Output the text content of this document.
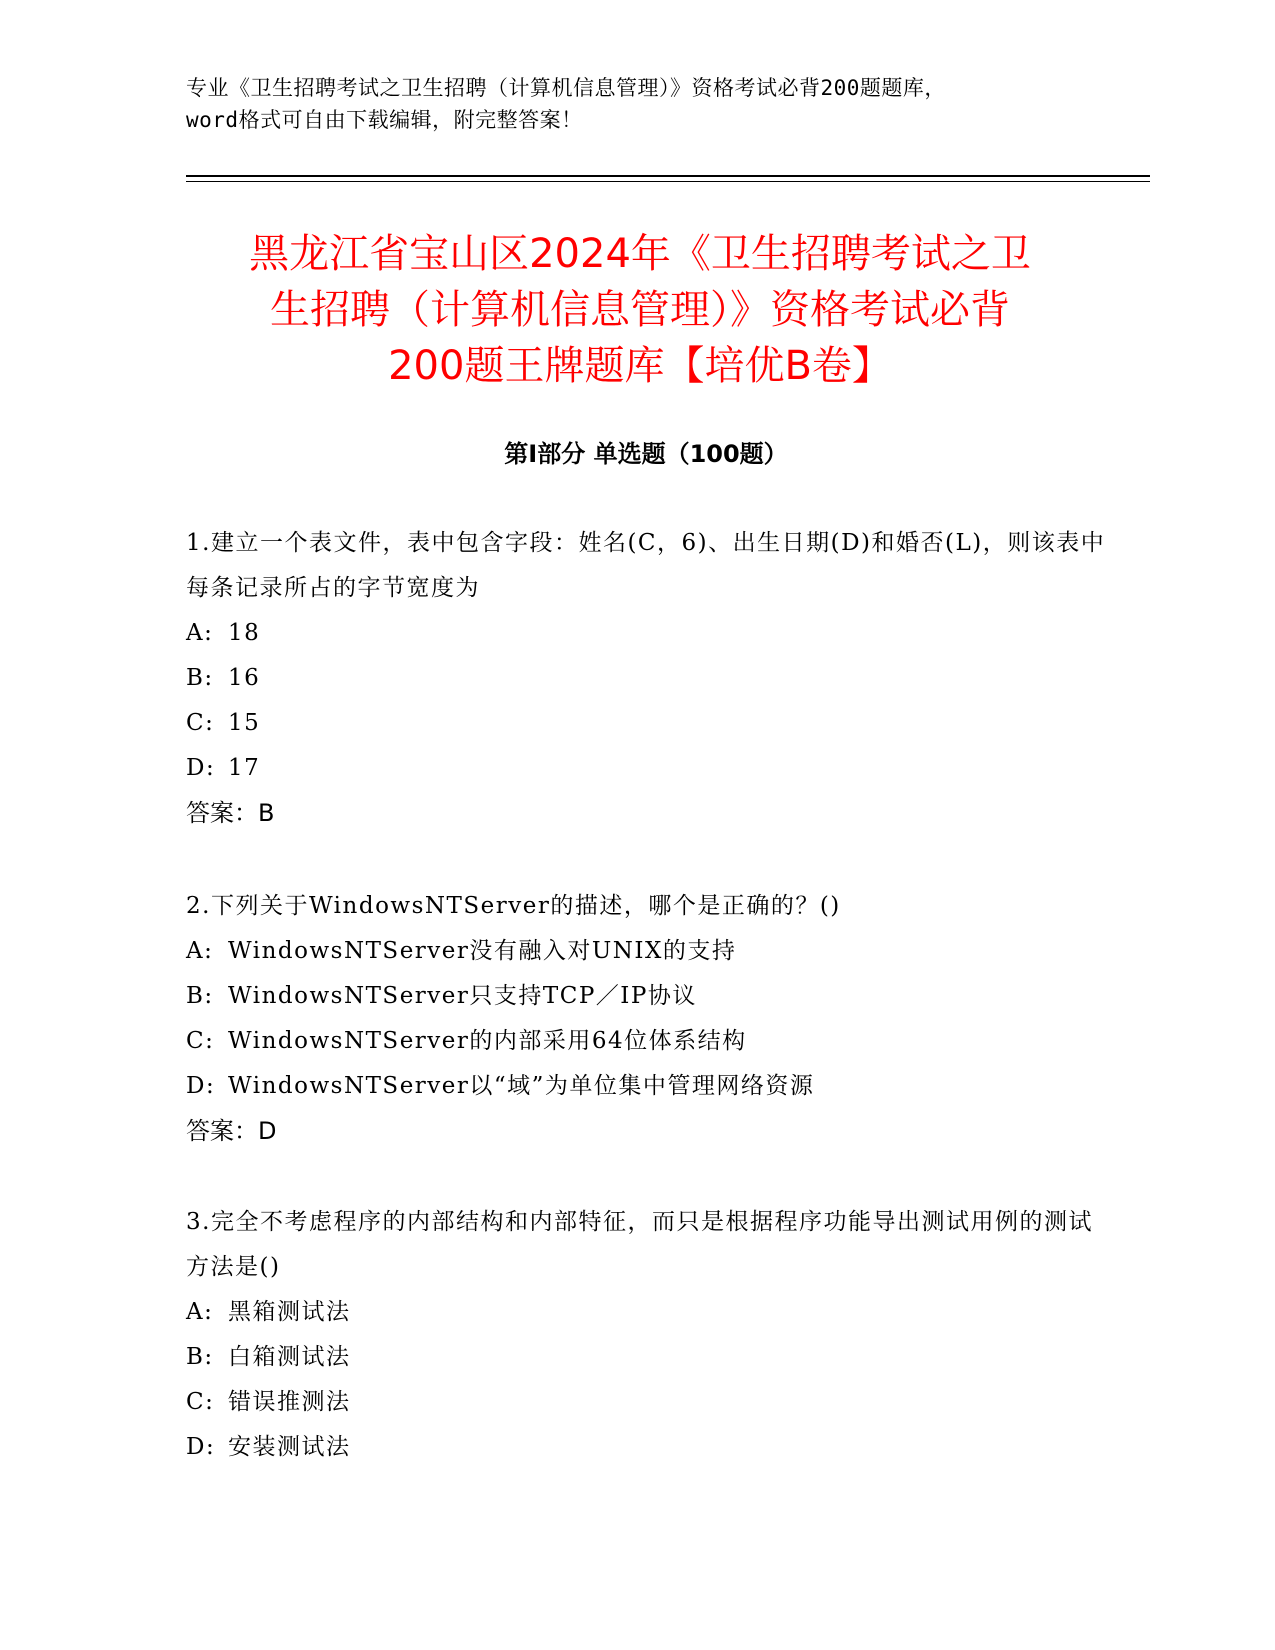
专业《卫生招聘考试之卫生招聘（计算机信息管理）》资格考试必背200题题库，

word格式可自由下载编辑，附完整答案！

黑龙江省宝山区2024年《卫生招聘考试之卫
生招聘（计算机信息管理）》资格考试必背
200题王牌题库【培优B卷】
第I部分 单选题（100题）

1.建立一个表文件，表中包含字段：姓名(C，6)、出生日期(D)和婚否(L)，则该表中每条记录所占的字节宽度为

A: 18

B: 16

C: 15

D: 17

答案：B

2.下列关于WindowsNTServer的描述，哪个是正确的？()

A: WindowsNTServer没有融入对UNIX的支持

B: WindowsNTServer只支持TCP／IP协议

C: WindowsNTServer的内部采用64位体系结构

D: WindowsNTServer以“域”为单位集中管理网络资源

答案：D

3.完全不考虑程序的内部结构和内部特征，而只是根据程序功能导出测试用例的测试方法是()

A: 黑箱测试法

B: 白箱测试法

C: 错误推测法

D: 安装测试法
